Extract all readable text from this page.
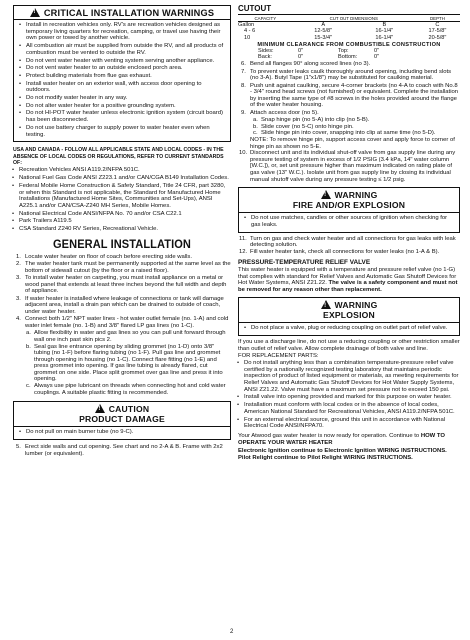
!CRITICAL INSTALLATION WARNINGS
• Install in recreation vehicles only. RV's are recreation vehicles designed as temporary living quarters for recreation, camping, or travel use having their own power or towed by another vehicle.
• All combustion air must be supplied from outside the RV, and all products of combustion must be vented to outside the RV.
• Do not vent water heater with venting system serving another appliance.
• Do not vent water heater to an outside enclosed porch area.
• Protect building materials from flue gas exhaust.
• Install water heater on an exterior wall, with access door opening to outdoors.
• Do not modify water heater in any way.
• Do not alter water heater for a positive grounding system.
• Do not HI-POT water heater unless electronic ignition system (circuit board) has been disconnected.
• Do not use battery charger to supply power to water heater even when testing.
USA AND CANADA - FOLLOW ALL APPLICABLE STATE AND LOCAL CODES - IN THE ABSENCE OF LOCAL CODES OR REGULATIONS, REFER TO CURRENT STANDARDS OF:
• Recreation Vehicles ANSI A119.2/NFPA 501C.
• National Fuel Gas Code ANSI Z223.1 and/or CAN/CGA B149 Installation Codes.
• Federal Mobile Home Construction & Safety Standard, Title 24 CFR, part 3280, or when this Standard is not applicable, the Standard for Manufactured Home Installations (Manufactured Home Sites, Communities and Set-Ups), ANSI A225.1 and/or CAN/CSA-Z240 MH Series, Mobile Homes.
• National Electrical Code ANSI/NFPA No. 70 and/or CSA C22.1
• Park Trailers A119.5
• CSA Standard Z240 RV Series, Recreational Vehicle.
GENERAL INSTALLATION
1. Locate water heater on floor of coach before erecting side walls.
2. The water heater tank must be permanently supported at the same level as the bottom of sidewall cutout (by the floor or a raised floor).
3. To install water heater on carpeting, you must install appliance on a metal or wood panel that extends at least three inches beyond the full width and depth of appliance.
3. If water heater is installed where leakage of connections or tank will damage adjacent area, install a drain pan which can be drained to outside of coach, under water heater.
4. Connect both 1/2" NPT water lines - hot water outlet female (no. 1-A) and cold water inlet female (no. 1-B) and 3/8" flared LP gas lines (no 1-C).
a. Allow flexibility in water and gas lines so you can pull unit forward through wall one inch past skin pics 2.
b. Seal gas line entrance opening by sliding grommet (no 1-D) onto 3/8" tubing (no 1-F) before flaring tubing (no 1-F). Pull gas line and grommet through opening in housing (no 1-C). Connect flare fitting (no 1-E) and press grommet into opening. If gas line tubing is already flared, cut grommet on one side. Place split grommet over gas line and press it into opening.
c. Always use pipe lubricant on threads when connecting hot and cold water couplings. A suitable plastic fitting is recommended.
!CAUTION
PRODUCT DAMAGE
• Do not pull on main burner tube (no 9-C).
5. Erect side walls and cut opening. See chart and no 2-A & B. Frame with 2x2 lumber (or equivalent).
CUTOUT
CAPACITY	CUT OUT DIMENSIONS		DEPTH
Gallon	A	B	C
4 - 6	12-5/8"	16-1/4"	17-5/8"
10	15-3/4"	16-1/4"	20-5/8"
MINIMUM CLEARANCE FROM COMBUSTIBLE CONSTRUCTION
Sides:	0"	Top:	0"
Back:	0"	Bottom:	0"
6. Bend all flanges 90° along scored lines (no 3).
7. To prevent water leaks caulk thoroughly around opening, including bend slots (no 3-A). Butyl Tape (1"x1/8") may be substituted for caulking material.
8. Push unit against caulking, secure 4-corner brackets (no 4-A to coach with No.8 - 3/4" round head screws (not furnished) or equivalent. Complete the installation by inserting the same type of #8 screws in the holes provided around the flange of the water heater housing.
9. Attach access door (no 5).
a. Snap hinge pin (no 5-A) into clip (no 5-B).
b. Slide cover (no 5-C) onto hinge pin.
c. Slide hinge pin into cover, snapping into clip at same time (no 5-D).
NOTE: To remove hinge pin, support access cover and apply force to corner of hinge pin as shown no 5-E.
10. Disconnect unit and its individual shut-off valve from gas supply line during any pressure testing of system in excess of 1/2 PSIG (3.4 kPa, 14" water column [W.C.]), or, set unit pressure higher than maximum indicated on rating plate of gas valve (13" W.C.). Isolate unit from gas supply line by closing its individual manual shutoff valve during any pressure testing ≤ 1/2 psig.
!WARNING
FIRE AND/OR EXPLOSION
• Do not use matches, candles or other sources of ignition when checking for gas leaks.
11. Turn on gas and check water heater and all connections for gas leaks with leak detecting solution.
12. Fill water heater tank, check all connections for water leaks (no 1-A & B).
PRESSURE-TEMPERATURE RELIEF VALVE
This water heater is equipped with a temperature and pressure relief valve (no 1-G) that complies with standard for Relief Valves and Automatic Gas Shutoff Devices for Hot Water Systems, ANSI Z21.22. The valve is a safety component and must not be removed for any reason other than replacement.
!WARNING
EXPLOSION
• Do not place a valve, plug or reducing coupling on outlet part of relief valve.
If you use a discharge line, do not use a reducing coupling or other restriction smaller than outlet of relief valve. Allow complete drainage of both valve and line.
FOR REPLACEMENT PARTS:
• Do not install anything less than a combination temperature-pressure relief valve certified by a nationally recognized testing laboratory that maintains periodic inspection of product of listed equipment or materials, as meeting requirements for Relief Valves and Automatic Gas Shutoff Devices for Hot Water Supply Systems, ANSI Z21.22. Valve must have a maximum set pressure not to exceed 150 psi.
• Install valve into opening provided and marked for this purpose on water heater.
• Installation must conform with local codes or in the absence of local codes, American National Standard for Recreational Vehicles, ANSI A119.2/NFPA 501C.
• For an external electrical source, ground this unit in accordance with National Electrical Code ANSI/NFPA70.
Your Atwood gas water heater is now ready for operation. Continue to HOW TO OPERATE YOUR WATER HEATER
Electronic Ignition continue to Electronic Ignition WIRING INSTRUCTIONS.
Pilot Relight continue to Pilot Relight WIRING INSTRUCTIONS.
2
